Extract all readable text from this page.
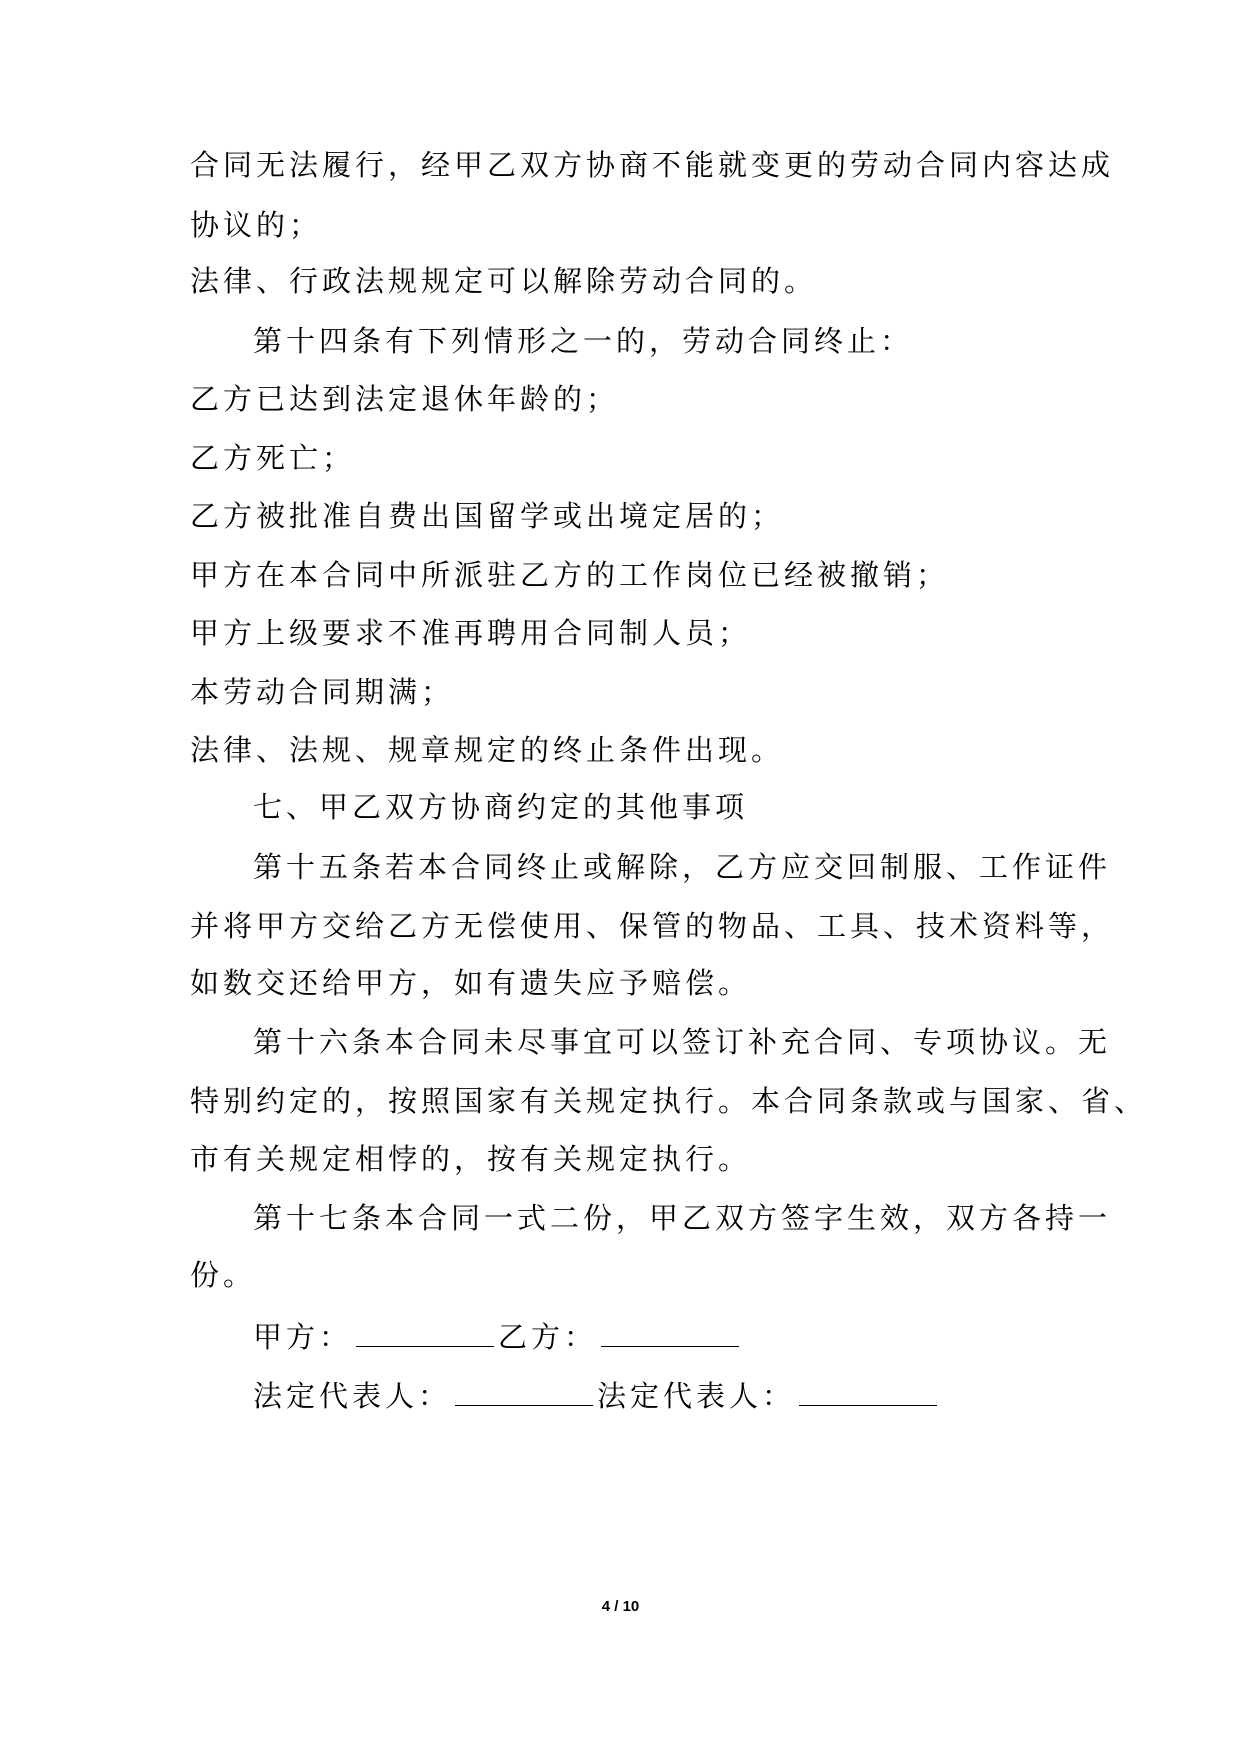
合同无法履行，经甲乙双方协商不能就变更的劳动合同内容达成
协议的；
法律、行政法规规定可以解除劳动合同的。
第十四条有下列情形之一的，劳动合同终止：
乙方已达到法定退休年龄的；
乙方死亡；
乙方被批准自费出国留学或出境定居的；
甲方在本合同中所派驻乙方的工作岗位已经被撤销；
甲方上级要求不准再聘用合同制人员；
本劳动合同期满；
法律、法规、规章规定的终止条件出现。
七、甲乙双方协商约定的其他事项
第十五条若本合同终止或解除，乙方应交回制服、工作证件
并将甲方交给乙方无偿使用、保管的物品、工具、技术资料等，
如数交还给甲方，如有遗失应予赔偿。
第十六条本合同未尽事宜可以签订补充合同、专项协议。无
特别约定的，按照国家有关规定执行。本合同条款或与国家、省、
市有关规定相悖的，按有关规定执行。
第十七条本合同一式二份，甲乙双方签字生效，双方各持一
份。
甲方：	乙方：
法定代表人：	法定代表人：
4 / 10
